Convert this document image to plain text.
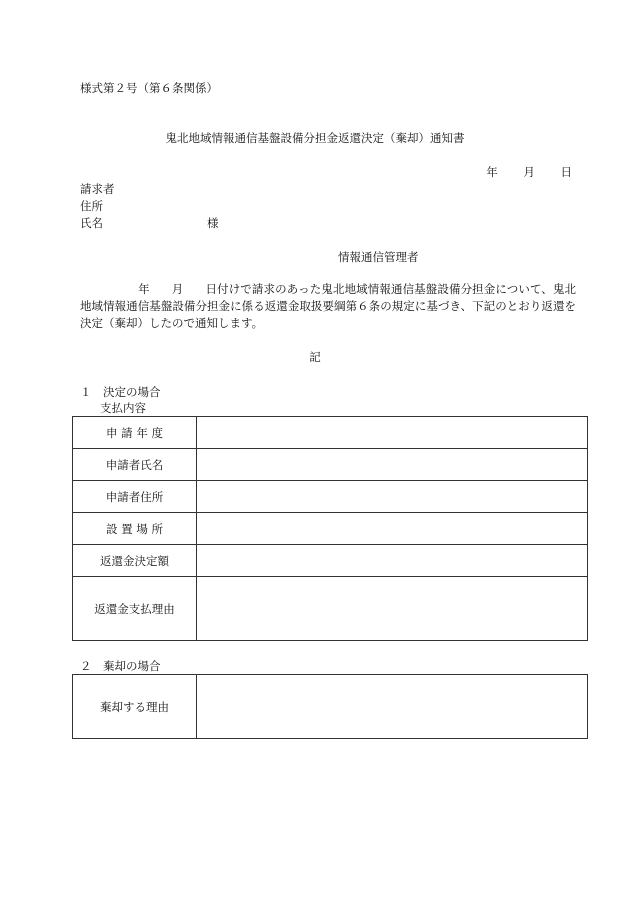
様式第２号（第６条関係）
鬼北地域情報通信基盤設備分担金返還決定（棄却）通知書
年 月 日
請求者
住所
氏名	様
情報通信管理者
年 月 日付けで請求のあった鬼北地域情報通信基盤設備分担金について、鬼北地域情報通信基盤設備分担金に係る返還金取扱要綱第６条の規定に基づき、下記のとおり返還を決定（棄却）したので通知します。
記
１　決定の場合
支払内容
申 請 年 度	
申請者氏名	
申請者住所	
設 置 場 所	
返還金決定額	
返還金支払理由	
２　棄却の場合
棄却する理由	
